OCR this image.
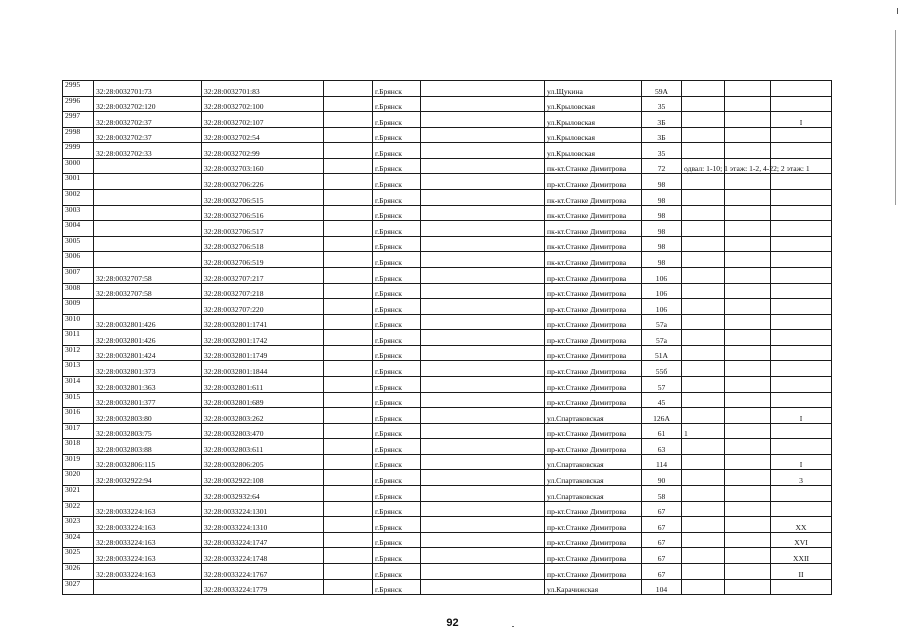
2995	32:28:0032701:73	32:28:0032701:83		г.Брянск		ул.Щукина	59А			
2996	32:28:0032702:120	32:28:0032702:100		г.Брянск		ул.Крыловская	35			
2997	32:28:0032702:37	32:28:0032702:107		г.Брянск		ул.Крыловская	3Б			I
2998	32:28:0032702:37	32:28:0032702:54		г.Брянск		ул.Крыловская	3Б			
2999	32:28:0032702:33	32:28:0032702:99		г.Брянск		ул.Крыловская	35			
3000		32:28:0032703:160		г.Брянск		пк-кт.Станке Димитрова	72	одвал: 1-10; 1 этаж: 1-2, 4-22; 2 этаж: 1		
3001		32:28:0032706:226		г.Брянск		пр-кт.Станке Димитрова	98			
3002		32:28:0032706:515		г.Брянск		пк-кт.Станке Димитрова	98			
3003		32:28:0032706:516		г.Брянск		пк-кт.Станке Димитрова	98			
3004		32:28:0032706:517		г.Брянск		пк-кт.Станке Димитрова	98			
3005		32:28:0032706:518		г.Брянск		пк-кт.Станке Димитрова	98			
3006		32:28:0032706:519		г.Брянск		пк-кт.Станке Димитрова	98			
3007	32:28:0032707:58	32:28:0032707:217		г.Брянск		пр-кт.Станке Димитрова	106			
3008	32:28:0032707:58	32:28:0032707:218		г.Брянск		пр-кт.Станке Димитрова	106			
3009		32:28:0032707:220		г.Брянск		пр-кт.Станке Димитрова	106			
3010	32:28:0032801:426	32:28:0032801:1741		г.Брянск		пр-кт.Станке Димитрова	57а			
3011	32:28:0032801:426	32:28:0032801:1742		г.Брянск		пр-кт.Станке Димитрова	57а			
3012	32:28:0032801:424	32:28:0032801:1749		г.Брянск		пр-кт.Станке Димитрова	51А			
3013	32:28:0032801:373	32:28:0032801:1844		г.Брянск		пр-кт.Станке Димитрова	55б			
3014	32:28:0032801:363	32:28:0032801:611		г.Брянск		пр-кт.Станке Димитрова	57			
3015	32:28:0032801:377	32:28:0032801:689		г.Брянск		пр-кт.Станке Димитрова	45			
3016	32:28:0032803:80	32:28:0032803:262		г.Брянск		ул.Спартаковская	126А			I
3017	32:28:0032803:75	32:28:0032803:470		г.Брянск		пр-кт.Станке Димитрова	61	1		
3018	32:28:0032803:88	32:28:0032803:611		г.Брянск		пр-кт.Станке Димитрова	63			
3019	32:28:0032806:115	32:28:0032806:205		г.Брянск		ул.Спартаковская	114			I
3020	32:28:0032922:94	32:28:0032922:108		г.Брянск		ул.Спартаковская	90			3
3021		32:28:0032932:64		г.Брянск		ул.Спартаковская	58			
3022	32:28:0033224:163	32:28:0033224:1301		г.Брянск		пр-кт.Станке Димитрова	67			
3023	32:28:0033224:163	32:28:0033224:1310		г.Брянск		пр-кт.Станке Димитрова	67			XX
3024	32:28:0033224:163	32:28:0033224:1747		г.Брянск		пр-кт.Станке Димитрова	67			XVI
3025	32:28:0033224:163	32:28:0033224:1748		г.Брянск		пр-кт.Станке Димитрова	67			XXII
3026	32:28:0033224:163	32:28:0033224:1767		г.Брянск		пр-кт.Станке Димитрова	67			II
3027		32:28:0033224:1779		г.Брянск		ул.Карачижская	104			
92
